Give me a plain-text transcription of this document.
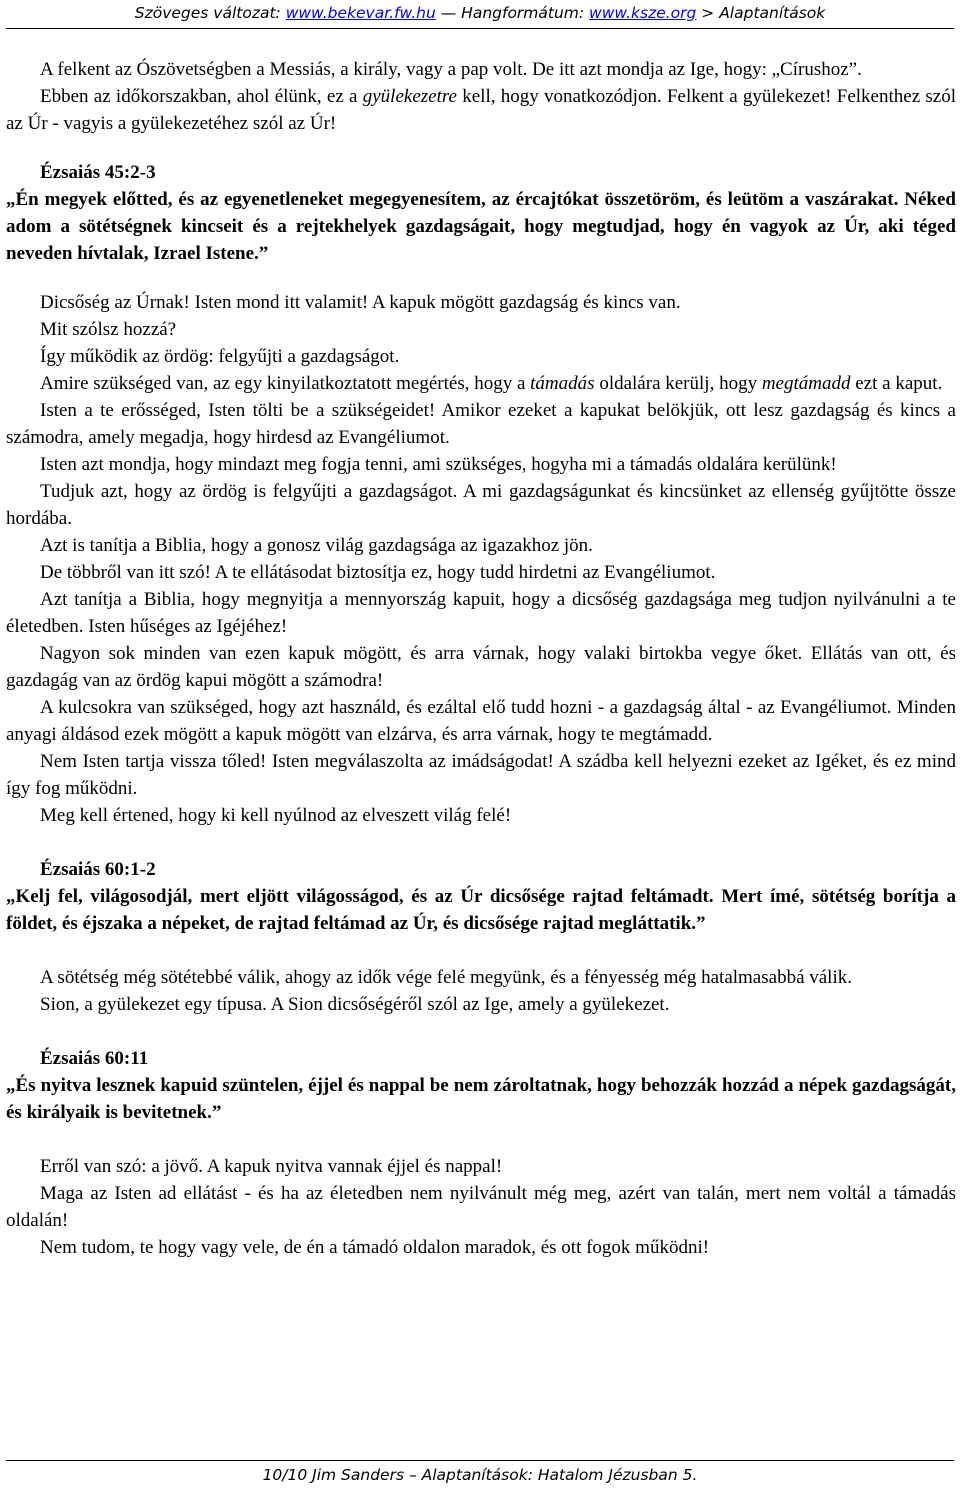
Szöveges változat: www.bekevar.fw.hu — Hangformátum: www.ksze.org > Alaptanítások

A felkent az Ószövetségben a Messiás, a király, vagy a pap volt. De itt azt mondja az Ige, hogy: „Círushoz”.

Ebben az időkorszakban, ahol élünk, ez a gyülekezetre kell, hogy vonatkozódjon. Felkent a gyülekezet! Felkenthez szól az Úr - vagyis a gyülekezetéhez szól az Úr!

Ézsaiás 45:2-3

„Én megyek előtted, és az egyenetleneket megegyenesítem, az ércajtókat összetöröm, és leütöm a vaszárakat. Néked adom a sötétségnek kincseit és a rejtekhelyek gazdagságait, hogy megtudjad, hogy én vagyok az Úr, aki téged neveden hívtalak, Izrael Istene.”

Dicsőség az Úrnak! Isten mond itt valamit! A kapuk mögött gazdagság és kincs van.

Mit szólsz hozzá?

Így működik az ördög: felgyűjti a gazdagságot.

Amire szükséged van, az egy kinyilatkoztatott megértés, hogy a támadás oldalára kerülj, hogy megtámadd ezt a kaput.

Isten a te erősséged, Isten tölti be a szükségeidet! Amikor ezeket a kapukat belökjük, ott lesz gazdagság és kincs a számodra, amely megadja, hogy hirdesd az Evangéliumot.

Isten azt mondja, hogy mindazt meg fogja tenni, ami szükséges, hogyha mi a támadás oldalára kerülünk!

Tudjuk azt, hogy az ördög is felgyűjti a gazdagságot. A mi gazdagságunkat és kincsünket az ellenség gyűjtötte össze hordába.

Azt is tanítja a Biblia, hogy a gonosz világ gazdagsága az igazakhoz jön.

De többről van itt szó! A te ellátásodat biztosítja ez, hogy tudd hirdetni az Evangéliumot.

Azt tanítja a Biblia, hogy megnyitja a mennyország kapuit, hogy a dicsőség gazdagsága meg tudjon nyilvánulni a te életedben. Isten hűséges az Igéjéhez!

Nagyon sok minden van ezen kapuk mögött, és arra várnak, hogy valaki birtokba vegye őket. Ellátás van ott, és gazdagág van az ördög kapui mögött a számodra!

A kulcsokra van szükséged, hogy azt használd, és ezáltal elő tudd hozni - a gazdagság által - az Evangéliumot. Minden anyagi áldásod ezek mögött a kapuk mögött van elzárva, és arra várnak, hogy te megtámadd.

Nem Isten tartja vissza tőled! Isten megválaszolta az imádságodat! A szádba kell helyezni ezeket az Igéket, és ez mind így fog működni.

Meg kell értened, hogy ki kell nyúlnod az elveszett világ felé!

Ézsaiás 60:1-2

„Kelj fel, világosodjál, mert eljött világosságod, és az Úr dicsősége rajtad feltámadt. Mert ímé, sötétség borítja a földet, és éjszaka a népeket, de rajtad feltámad az Úr, és dicsősége rajtad megláttatik.”

A sötétség még sötétebbé válik, ahogy az idők vége felé megyünk, és a fényesség még hatalmasabbá válik.

Sion, a gyülekezet egy típusa. A Sion dicsőségéről szól az Ige, amely a gyülekezet.

Ézsaiás 60:11

„És nyitva lesznek kapuid szüntelen, éjjel és nappal be nem zároltatnak, hogy behozzák hozzád a népek gazdagságát, és királyaik is bevitetnek.”

Erről van szó: a jövő. A kapuk nyitva vannak éjjel és nappal!

Maga az Isten ad ellátást - és ha az életedben nem nyilvánult még meg, azért van talán, mert nem voltál a támadás oldalán!

Nem tudom, te hogy vagy vele, de én a támadó oldalon maradok, és ott fogok működni!

10/10 Jim Sanders – Alaptanítások: Hatalom Jézusban 5.
